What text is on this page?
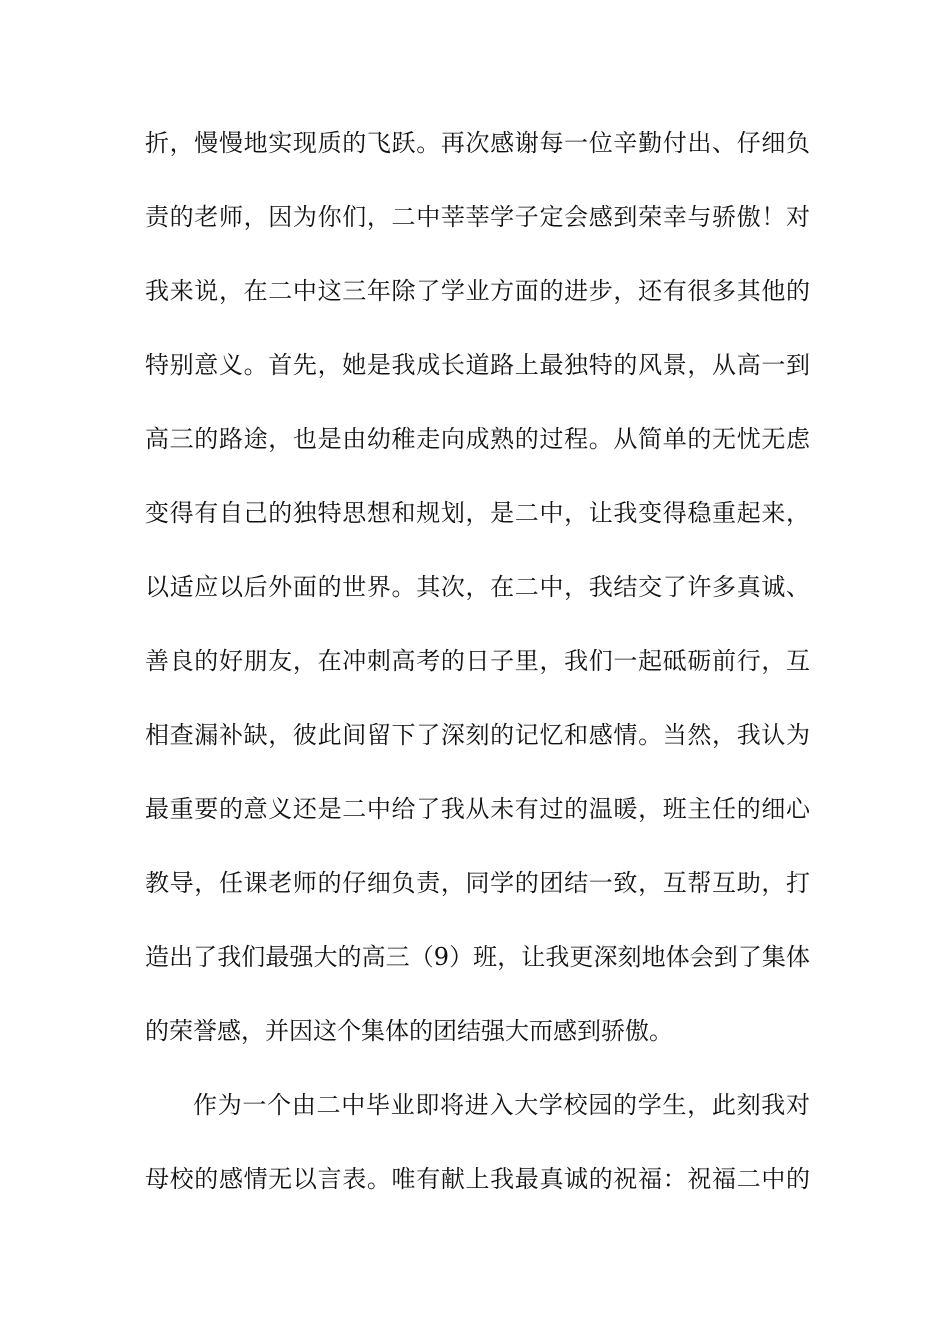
折，慢慢地实现质的飞跃。再次感谢每一位辛勤付出、仔细负
责的老师，因为你们，二中莘莘学子定会感到荣幸与骄傲！对
我来说，在二中这三年除了学业方面的进步，还有很多其他的
特别意义。首先，她是我成长道路上最独特的风景，从高一到
高三的路途，也是由幼稚走向成熟的过程。从简单的无忧无虑
变得有自己的独特思想和规划，是二中，让我变得稳重起来，
以适应以后外面的世界。其次，在二中，我结交了许多真诚、
善良的好朋友，在冲刺高考的日子里，我们一起砥砺前行，互
相查漏补缺，彼此间留下了深刻的记忆和感情。当然，我认为
最重要的意义还是二中给了我从未有过的温暖，班主任的细心
教导，任课老师的仔细负责，同学的团结一致，互帮互助，打
造出了我们最强大的高三（9）班，让我更深刻地体会到了集体
的荣誉感，并因这个集体的团结强大而感到骄傲。
作为一个由二中毕业即将进入大学校园的学生，此刻我对
母校的感情无以言表。唯有献上我最真诚的祝福：祝福二中的
